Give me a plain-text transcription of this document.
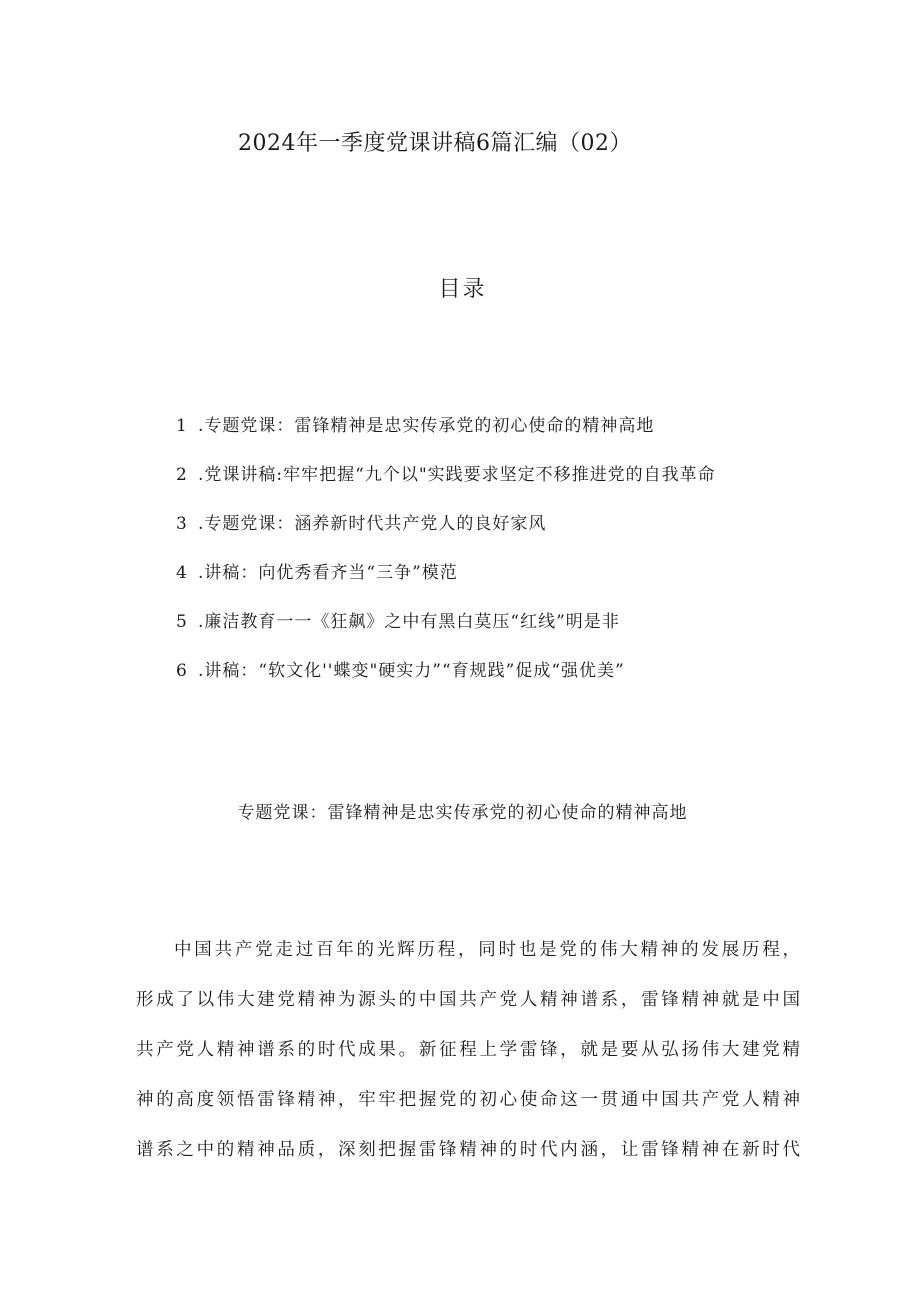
2024年一季度党课讲稿6篇汇编（02）
目录
1 .专题党课：雷锋精神是忠实传承党的初心使命的精神高地
2 .党课讲稿:牢牢把握“九个以"实践要求坚定不移推进党的自我革命
3 .专题党课：涵养新时代共产党人的良好家风
4 .讲稿：向优秀看齐当“三争”模范
5 .廉洁教育一一《狂飙》之中有黑白莫压“红线”明是非
6 .讲稿：“软文化''蝶变"硬实力”“育规践”促成“强优美”
专题党课：雷锋精神是忠实传承党的初心使命的精神高地
中国共产党走过百年的光辉历程，同时也是党的伟大精神的发展历程，
形成了以伟大建党精神为源头的中国共产党人精神谱系，雷锋精神就是中国
共产党人精神谱系的时代成果。新征程上学雷锋，就是要从弘扬伟大建党精
神的高度领悟雷锋精神，牢牢把握党的初心使命这一贯通中国共产党人精神
谱系之中的精神品质，深刻把握雷锋精神的时代内涵，让雷锋精神在新时代
